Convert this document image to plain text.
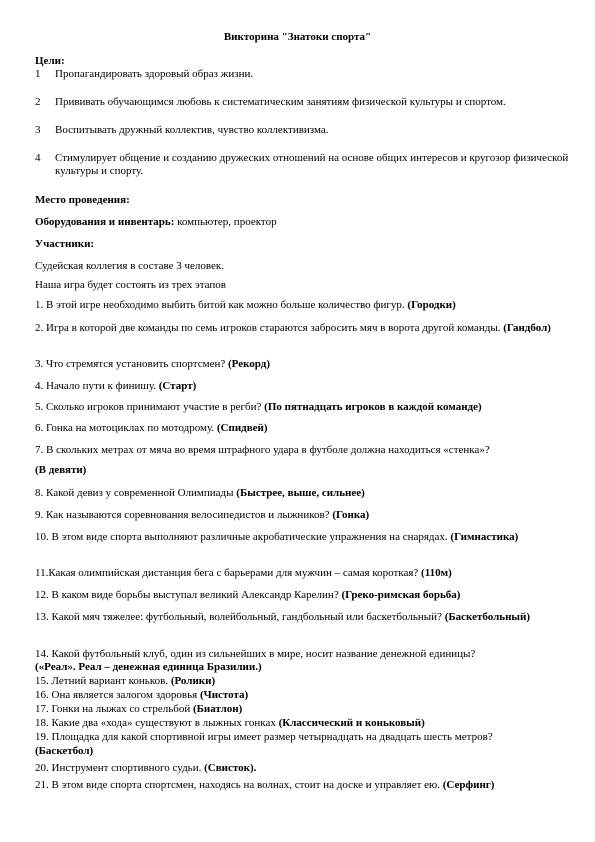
Викторина "Знатоки спорта"
Цели:
1 Пропагандировать здоровый образ жизни.
2 Прививать обучающимся любовь к систематическим занятиям физической культуры и спортом.
3 Воспитывать дружный коллектив, чувство коллективизма.
4 Стимулирует общение и созданию дружеских отношений на основе общих интересов и кругозор физической культуры и спорту.
Место проведения:
Оборудования и инвентарь: компьютер, проектор
Участники:
Судейская коллегия в составе 3 человек.
Наша игра будет состоять из трех этапов
1. В этой игре необходимо выбить битой как можно больше количество фигур. (Городки)
2. Игра в которой две команды по семь игроков стараются забросить мяч в ворота другой команды. (Гандбол)
3. Что стремятся установить спортсмен? (Рекорд)
4. Начало пути к финишу. (Старт)
5. Сколько игроков принимают участие в регби? (По пятнадцать игроков в каждой команде)
6. Гонка на мотоциклах по мотодрому. (Спидвей)
7. В скольких метрах от мяча во время штрафного удара в футболе должна находиться «стенка»?
(В девяти)
8. Какой девиз у современной Олимпиады (Быстрее, выше, сильнее)
9. Как называются соревнования велосипедистов и лыжников? (Гонка)
10. В этом виде спорта выполняют различные акробатические упражнения на снарядах. (Гимнастика)
11.Какая олимпийская дистанция бега с барьерами для мужчин – самая короткая? (110м)
12. В каком виде борьбы выступал великий Александр Карелин? (Греко-римская борьба)
13. Какой мяч тяжелее: футбольный, волейбольный, гандбольный или баскетбольный? (Баскетбольный)
14. Какой футбольный клуб, один из сильнейших в мире, носит название денежной единицы?
(«Реал». Реал – денежная единица Бразилии.)
15. Летний вариант коньков. (Ролики)
16. Она является залогом здоровья (Чистота)
17. Гонки на лыжах со стрельбой (Биатлон)
18. Какие два «хода» существуют в лыжных гонках (Классический и коньковый)
19. Площадка для какой спортивной игры имеет размер четырнадцать на двадцать шесть метров?
(Баскетбол)
20. Инструмент спортивного судьи. (Свисток).
21. В этом виде спорта спортсмен, находясь на волнах, стоит на доске и управляет ею. (Серфинг)
